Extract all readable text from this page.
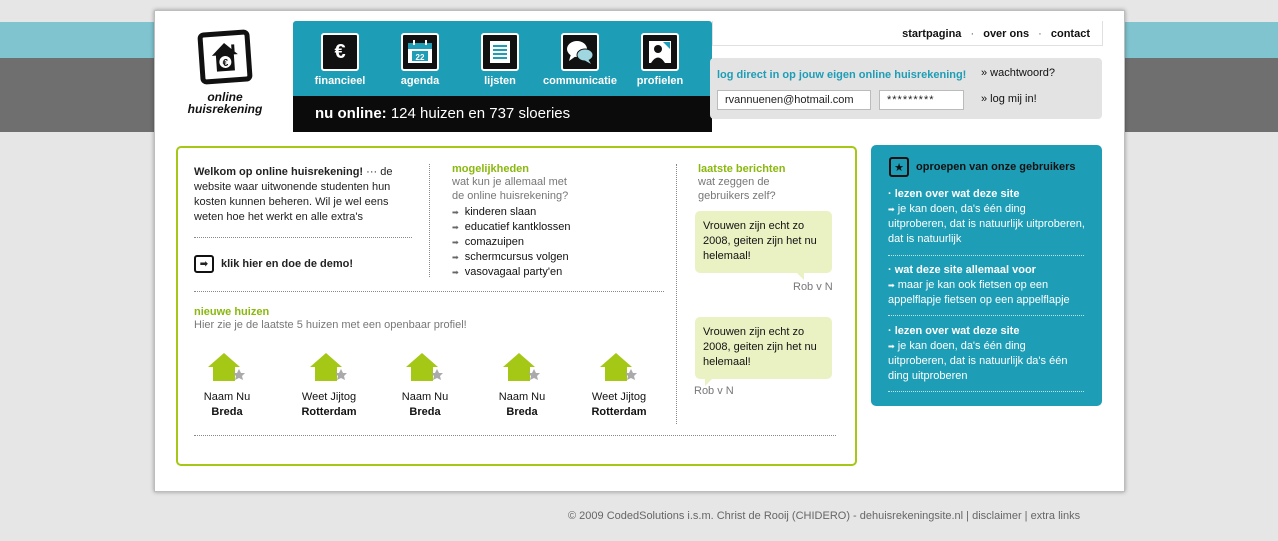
€
online
huisrekening
€
financieel
22
agenda	lijsten	communicatie	profielen
nu online: 124 huizen en 737 sloeries
startpagina · over ons · contact
log direct in op jouw eigen online huisrekening!
rvannuenen@hotmail.com
********* » wachtwoord?
» log mij in!
Welkom op online huisrekening! ··· de website waar uitwonende studenten hun kosten kunnen beheren. Wil je wel eens weten hoe het werkt en alle extra's
➡	klik hier en doe de demo!
mogelijkheden
wat kun je allemaal met
de online huisrekening?
➡ kinderen slaan
➡ educatief kantklossen
➡ comazuipen
➡ schermcursus volgen
➡ vasovagaal party'en
nieuwe huizen
Hier zie je de laatste 5 huizen met een openbaar profiel!
Naam Nu
Breda
Weet Jijtog
Rotterdam
Naam Nu
Breda
Naam Nu
Breda
Weet Jijtog
Rotterdam
laatste berichten
wat zeggen de
gebruikers zelf?
Vrouwen zijn echt zo 2008, geiten zijn het nu helemaal!
Rob v N
Vrouwen zijn echt zo 2008, geiten zijn het nu helemaal!
Rob v N
★	oproepen van onze gebruikers
· lezen over wat deze site
➡ je kan doen, da's één ding uitproberen, dat is natuurlijk uitproberen, dat is natuurlijk
· wat deze site allemaal voor
➡ maar je kan ook fietsen op een appelflapje fietsen op een appelflapje
· lezen over wat deze site
➡ je kan doen, da's één ding uitproberen, dat is natuurlijk da's één ding uitproberen
© 2009 CodedSolutions i.s.m. Christ de Rooij (CHIDERO) - dehuisrekeningsite.nl | disclaimer | extra links
